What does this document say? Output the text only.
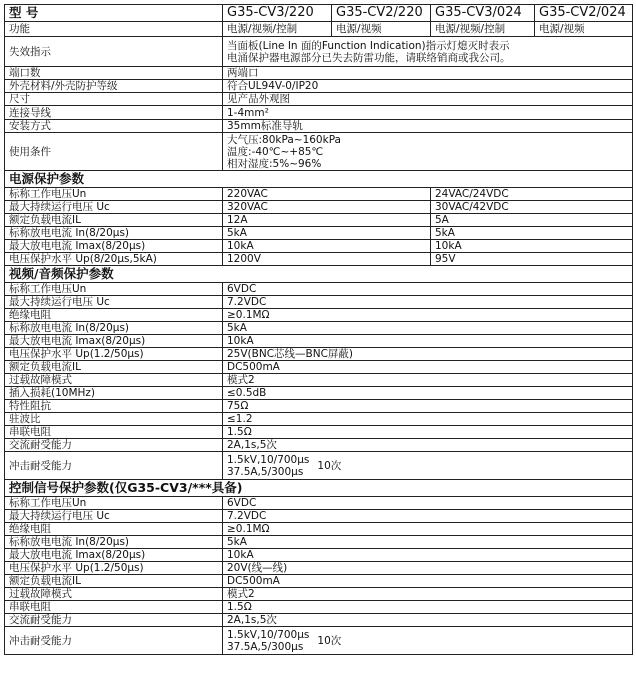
型 号	G35-CV3/220	G35-CV2/220	G35-CV3/024	G35-CV2/024
功能	电源/视频/控制	电源/视频	电源/视频/控制	电源/视频
失效指示	当面板(Line In 面的Function Indication)指示灯熄灭时表示
电涌保护器电源部分已失去防雷功能，请联络销商或我公司。			

端口数	两端口			
外壳材料/外壳防护等级	符合UL94V-0/IP20			
尺寸	见产品外观图			
连接导线	1-4mm²			
安装方式	35mm标准导轨			
使用条件	大气压:80kPa~160kPa
温度:-40℃~+85℃
相对湿度:5%~96%			

电源保护参数				
标称工作电压Un	220VAC		24VAC/24VDC	
最大持续运行电压 Uc	320VAC		30VAC/42VDC	
额定负载电流IL	12A		5A	
标称放电电流 In(8/20μs)	5kA		5kA	
最大放电电流 Imax(8/20μs)	10kA		10kA	
电压保护水平 Up(8/20μs,5kA)	1200V		95V	
视频/音频保护参数				
标称工作电压Un	6VDC			
最大持续运行电压 Uc	7.2VDC			
绝缘电阻	≥0.1MΩ			
标称放电电流 In(8/20μs)	5kA			
最大放电电流 Imax(8/20μs)	10kA			
电压保护水平 Up(1.2/50μs)	25V(BNC芯线—BNC屏蔽)			
额定负载电流IL	DC500mA			
过载故障模式	模式2			
插入损耗(10MHz)	≤0.5dB			
特性阻抗	75Ω			
驻波比	≤1.2			
串联电阻	1.5Ω			
交流耐受能力	2A,1s,5次			
冲击耐受能力	1.5kV,10/700μs
37.5A,5/300μs 10次			

控制信号保护参数(仅G35-CV3/***具备)				
标称工作电压Un	6VDC			
最大持续运行电压 Uc	7.2VDC			
绝缘电阻	≥0.1MΩ			
标称放电电流 In(8/20μs)	5kA			
最大放电电流 Imax(8/20μs)	10kA			
电压保护水平 Up(1.2/50μs)	20V(线—线)			
额定负载电流IL	DC500mA			
过载故障模式	模式2			
串联电阻	1.5Ω			
交流耐受能力	2A,1s,5次			
冲击耐受能力	1.5kV,10/700μs
37.5A,5/300μs 10次			
